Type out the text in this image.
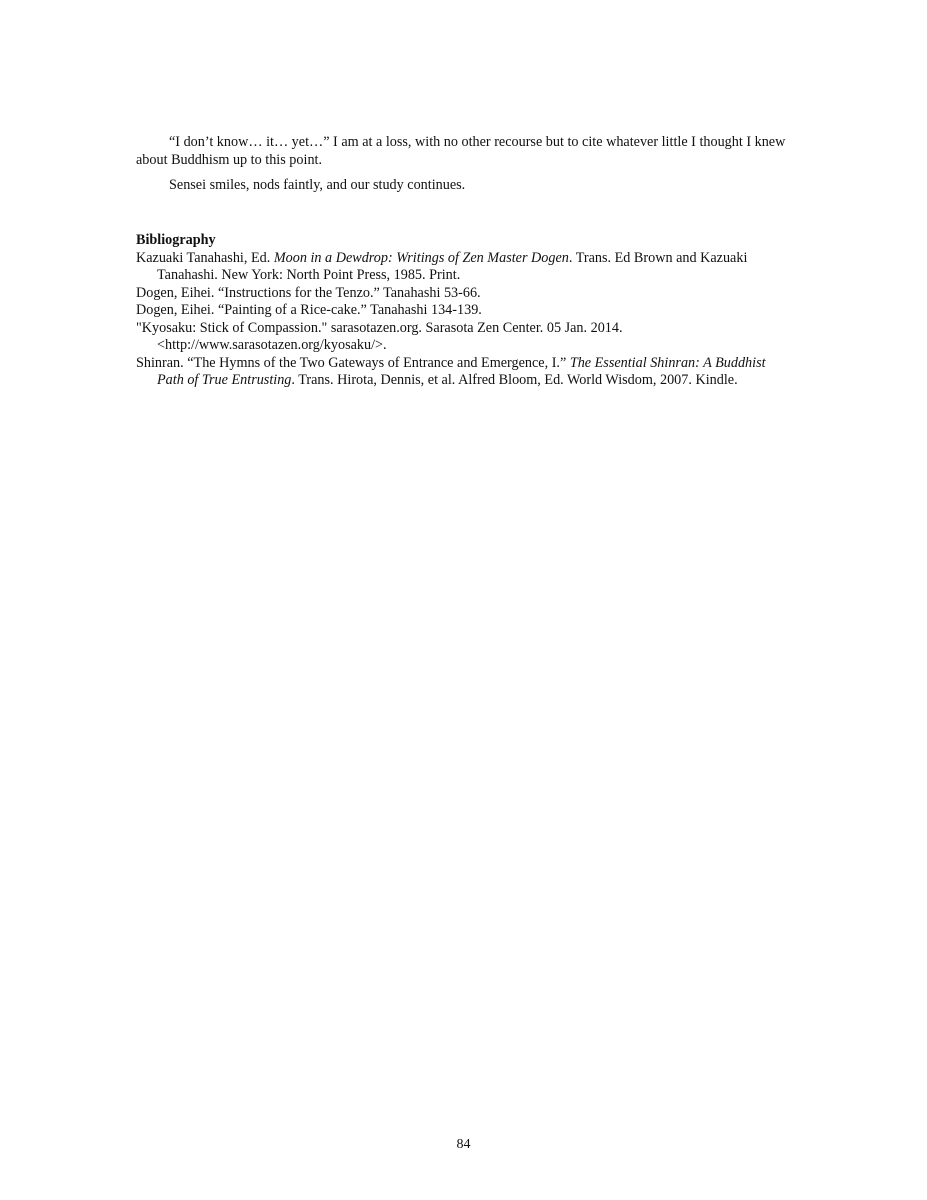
“I don’t know… it… yet…” I am at a loss, with no other recourse but to cite whatever little I thought I knew about Buddhism up to this point.

Sensei smiles, nods faintly, and our study continues.

Bibliography

Kazuaki Tanahashi, Ed. Moon in a Dewdrop: Writings of Zen Master Dogen. Trans. Ed Brown and Kazuaki Tanahashi. New York: North Point Press, 1985. Print.
Dogen, Eihei. “Instructions for the Tenzo.” Tanahashi 53-66.
Dogen, Eihei. “Painting of a Rice-cake.” Tanahashi 134-139.
"Kyosaku: Stick of Compassion." sarasotazen.org. Sarasota Zen Center. 05 Jan. 2014. <http://www.sarasotazen.org/kyosaku/>.
Shinran. “The Hymns of the Two Gateways of Entrance and Emergence, I.” The Essential Shinran: A Buddhist Path of True Entrusting. Trans. Hirota, Dennis, et al. Alfred Bloom, Ed. World Wisdom, 2007. Kindle.
84
